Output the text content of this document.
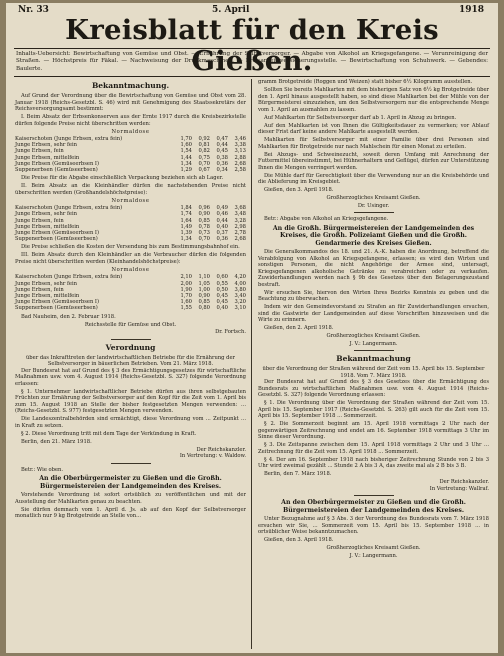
Nr. 33	5. April	1918
Kreisblatt für den Kreis Gießen.
Inhalts-Uebersicht: Bewirtschaftung von Gemüse und Obst. — Ernährung der Selbstversorger. — Abgabe von Alkohol an Kriegsgefangene. — Verunreinigung der Straßen. — Höchstpreis für Fäkal. — Nachweisung der Druckmaschinen. — Kreisarbeitsversicherungsstelle. — Bewirtschaftung von Schuhwerk. — Gebendes: Baulerte.
Bekanntmachung.
Auf Grund der Verordnung über die Bewirtschaftung von Gemüse und Obst vom 28. Januar 1918 (Reichs-Gesetzbl. S. 46) wird mit Genehmigung des Staatssekretärs der Reichsversorgungsamt bestimmt:
I. Beim Absatz der Erbsenkonserven aus der Ernte 1917 durch die Kreisbezirkstelle dürfen folgende Preise nicht überschritten werden:
Normaldose
Kaiserschoten (Junge Erbsen, extra fein)	1,70	0,92	0,47	3,46
Junge Erbsen, sehr fein	1,60	0,81	0,44	3,38
Junge Erbsen, fein	1,54	0,82	0,45	3,13
Junge Erbsen, mittelfein	1,44	0,75	0,38	2,88
Junge Erbsen (Gemüseerbsen I)	1,34	0,70	0,36	2,68
Suppenerbsen (Gemüseerbsen)	1,29	0,67	0,34	2,58
Die Preise für die Abgabe einschließlich Verpackung beziehen sich ab Lager.
II. Beim Absatz an die Kleinhändler dürfen die nachstehenden Preise nicht überschritten werden (Großhandelshöchstpreise):
Normaldose
Kaiserschoten (Junge Erbsen, extra fein)	1,84	0,96	0,49	3,68
Junge Erbsen, sehr fein	1,74	0,90	0,46	3,48
Junge Erbsen, fein	1,64	0,85	0,44	3,28
Junge Erbsen, mittelfein	1,49	0,78	0,40	2,98
Junge Erbsen (Gemüseerbsen I)	1,39	0,73	0,37	2,78
Suppenerbsen (Gemüseerbsen)	1,34	0,70	0,36	2,68
Die Preise schließen die Kosten der Versendung bis zum Bestimmungsbahnhof ein.
III. Beim Absatz durch den Kleinhändler an die Verbraucher dürfen die folgenden Preise nicht überschritten werden (Kleinhandelshöchstpreise):
Normaldose
Kaiserschoten (Junge Erbsen, extra fein)	2,10	1,10	0,60	4,20
Junge Erbsen, sehr fein	2,00	1,05	0,55	4,00
Junge Erbsen, fein	1,90	1,00	0,50	3,80
Junge Erbsen, mittelfein	1,70	0,90	0,45	3,40
Junge Erbsen (Gemüseerbsen I)	1,60	0,85	0,45	3,20
Suppenerbsen (Gemüseerbsen)	1,55	0,80	0,40	3,10
Bad Nauheim, den 2. Februar 1918.
Reichsstelle für Gemüse und Obst.
Dr. Fortsch.
Verordnung
über das Inkrafttreten der landwirtschaftlichen Betriebe für die Ernährung der Selbstversorger in bäuerlichen Betrieben. Vom 21. März 1918.
Der Bundesrat hat auf Grund des § 3 des Ermächtigungsgesetzes für wirtschaftliche Maßnahmen usw. vom 4. August 1914 (Reichs-Gesetzbl. S. 327) folgende Verordnung erlassen:
§ 1. Unternehmer landwirtschaftlicher Betriebe dürfen aus ihren selbstgebauten Früchten zur Ernährung der Selbstversorger auf den Kopf für die Zeit vom 1. April bis zum 15. August 1918 an Stelle der bisher festgesetzten Mengen verwenden: ... (Reichs-Gesetzbl. S. 977) festgesetzten Mengen verwenden.
Die Landeszentralbehörden sind ermächtigt, diese Verordnung vom ... Zeitpunkt ... in Kraft zu setzen.
§ 2. Diese Verordnung tritt mit dem Tage der Verkündung in Kraft.
Berlin, den 21. März 1918.
Der Reichskanzler.
In Vertretung: v. Waldow.
Betr.: Wie oben.
An die Oberbürgermeister zu Gießen und die Großh. Bürgermeistereien der Landgemeinden des Kreises.
Vorstehende Verordnung ist sofort ortsüblich zu veröffentlichen und mit der Ausstellung der Mahlkarten genau zu beachten.
Sie dürfen demnach vom 1. April d. Js. ab auf den Kopf der Selbstversorger monatlich nur 9 kg Brotgetreide an Stelle von...
gramm Brotgetreide (Roggen und Weizen) statt bisher 6½ Kilogramm ausstellen.
Sollten Sie bereits Mahlkarten mit dem bisherigen Satz von 6½ kg Brotgetreide über den 1. April hinaus ausgestellt haben, so sind diese Mahlkarten bei der Mühle von der Bürgermeisterei einzuziehen, um den Selbstversorgern nur die entsprechende Menge vom 1. April an ausmahlen zu lassen.
Auf Mahlkarten für Selbstversorger darf ab 1. April in Abzug zu bringen.
Auf den Mahlkarten ist von Ihnen die Gültigkeitsdauer zu vermerken; vor Ablauf dieser Frist darf keine andere Mahlkarte ausgestellt werden.
Mahlkarten für Selbstversorger mit einer Familie über drei Personen sind Mahlkarten für Brotgetreide nur nach Mahlschein für einen Monat zu erteilen.
Bei Abzugs- und Schweinezucht, soweit deren Umfang mit Anrechnung der Futtermittel übereinstimmt, bei Hühnerhaltern und Geflügel, dürfen zur Unterstützung Ihnen die Mengen verringert werden.
Die Mühle darf für Gerechtigkeit über die Verwendung nur an die Kreisbehörde und die Ablieferung im Kreisgebiet.
Gießen, den 3. April 1918.
Großherzogliches Kreisamt Gießen.
Dr. Usinger.
Betr.: Abgabe von Alkohol an Kriegsgefangene.
An die Großh. Bürgermeistereien der Landgemeinden des Kreises, die Großh. Polizeiamt Gießen und die Großh. Gendarmerie des Kreises Gießen.
Die Generalkommandos des 18. und 21. A.-K. haben die Anordnung, betreffend die Verabfolgung von Alkohol an Kriegsgefangene, erlassen; es wird den Wirten und sonstigen Personen, die nicht Angehörige der Armee sind, untersagt, Kriegsgefangenen alkoholische Getränke zu verabreichen oder zu verkaufen. Zuwiderhandlungen werden nach § 9b des Gesetzes über den Belagerungszustand bestraft.
Wir ersuchen Sie, hiervon den Wirten Ihres Bezirks Kenntnis zu geben und die Beachtung zu überwachen.
Indem wir den Gemeindevorstand zu Strafen an für Zuwiderhandlungen ersuchen, sind die Gastwirte der Landgemeinden auf diese Vorschriften hinzuweisen und die Wirte zu erinnern.
Gießen, den 2. April 1918.
Großherzogliches Kreisamt Gießen.
J. V.: Langermann.
Bekanntmachung
über die Verordnung der Straßen während der Zeit vom 15. April bis 15. September 1918. Vom 7. März 1918.
Der Bundesrat hat auf Grund des § 3 des Gesetzes über die Ermächtigung des Bundesrats zu wirtschaftlichen Maßnahmen usw. vom 4. August 1914 (Reichs-Gesetzbl. S. 327) folgende Verordnung erlassen:
§ 1. Die Verordnung über die Verordnung der Straßen während der Zeit vom 15. April bis 15. September 1917 (Reichs-Gesetzbl. S. 263) gilt auch für die Zeit vom 15. April bis 15. September 1918 ... Sommerzeit.
§ 2. Die Sommerzeit beginnt am 15. April 1918 vormittags 2 Uhr nach der gegenwärtigen Zeitrechnung und endet am 16. September 1918 vormittags 3 Uhr im Sinne dieser Verordnung.
§ 3. Die Zeitspanne zwischen dem 15. April 1918 vormittags 2 Uhr und 3 Uhr ... Zeitrechnung für die Zeit vom 15. April 1918 ... Sommerzeit.
§ 4. Der am 16. September 1918 nach bisheriger Zeitrechnung Stunde von 2 bis 3 Uhr wird zweimal gezählt ... Stunde 2 A bis 3 A, das zweite mal als 2 B bis 3 B.
Berlin, den 7. März 1918.
Der Reichskanzler.
In Vertretung: Wallraf.
An den Oberbürgermeister zu Gießen und die Großh. Bürgermeistereien der Landgemeinden des Kreises.
Unter Bezugnahme auf § 3 Abs. 3 der Verordnung des Bundesrats vom 7. März 1918 ersuchen wir Sie, ... Sommerzeit vom 15. April bis 15. September 1918 ... in ortsüblicher Weise bekanntzumachen.
Gießen, den 3. April 1918.
Großherzogliches Kreisamt Gießen.
J. V.: Langermann.
